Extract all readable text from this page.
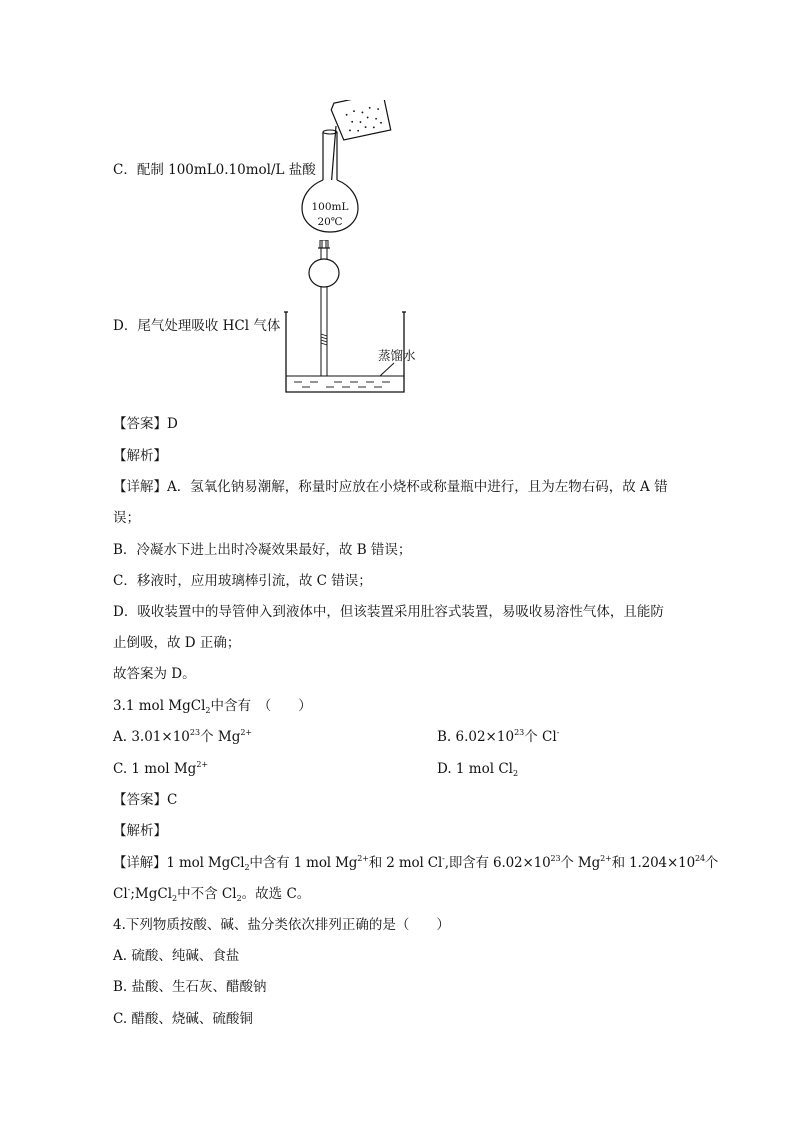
C．配制 100mL0.10mol/L 盐酸
100mL
20℃
D．尾气处理吸收 HCl 气体
蒸馏水
【答案】D
【解析】
【详解】A．氢氧化钠易潮解，称量时应放在小烧杯或称量瓶中进行，且为左物右码，故 A 错
误；
B．冷凝水下进上出时冷凝效果最好，故 B 错误；
C．移液时，应用玻璃棒引流，故 C 错误；
D．吸收装置中的导管伸入到液体中，但该装置采用肚容式装置，易吸收易溶性气体，且能防
止倒吸，故 D 正确；
故答案为 D。
3.1 mol MgCl$_2$中含有　（　　）
A. $3.01\times 10^{23}$个 $Mg^{2+}$	B. $6.02\times 10^{23}$个 Cl-
C. 1 mol $Mg^{2+}$	D. 1 mol $Cl_2$
【答案】C
【解析】
【详解】1 mol MgCl$_2$中含有 1 mol $Mg^{2+}$和 2 mol Cl-,即含有 $6.02\times 10^{23}$个 $Mg^{2+}$和 $1.204\times 10^{24}$个
Cl-;MgCl$_2$中不含 $Cl_2$。故选 C。
4.下列物质按酸、碱、盐分类依次排列正确的是（　　）
A. 硫酸、纯碱、食盐
B. 盐酸、生石灰、醋酸钠
C. 醋酸、烧碱、硫酸铜
